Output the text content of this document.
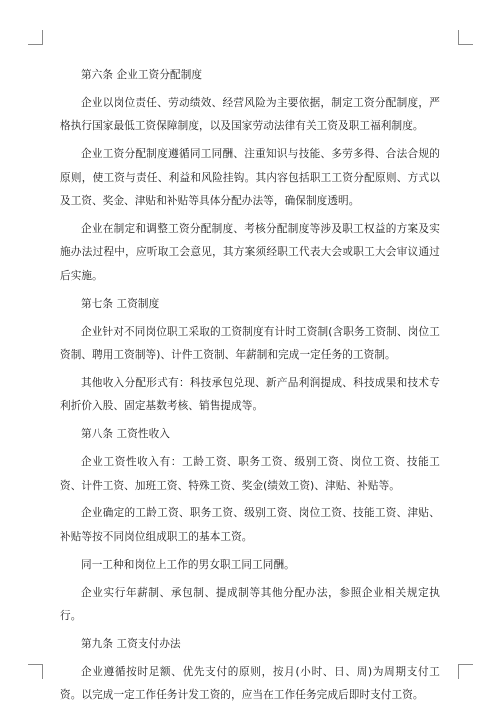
第六条 企业工资分配制度

企业以岗位责任、劳动绩效、经营风险为主要依据，制定工资分配制度，严格执行国家最低工资保障制度，以及国家劳动法律有关工资及职工福利制度。

企业工资分配制度遵循同工同酬、注重知识与技能、多劳多得、合法合规的原则，使工资与责任、利益和风险挂钩。其内容包括职工工资分配原则、方式以及工资、奖金、津贴和补贴等具体分配办法等，确保制度透明。

企业在制定和调整工资分配制度、考核分配制度等涉及职工权益的方案及实施办法过程中，应听取工会意见，其方案须经职工代表大会或职工大会审议通过后实施。

第七条 工资制度

企业针对不同岗位职工采取的工资制度有计时工资制(含职务工资制、岗位工资制、聘用工资制等)、计件工资制、年薪制和完成一定任务的工资制。

其他收入分配形式有：科技承包兑现、新产品利润提成、科技成果和技术专利折价入股、固定基数考核、销售提成等。

第八条 工资性收入

企业工资性收入有：工龄工资、职务工资、级别工资、岗位工资、技能工资、计件工资、加班工资、特殊工资、奖金(绩效工资)、津贴、补贴等。

企业确定的工龄工资、职务工资、级别工资、岗位工资、技能工资、津贴、补贴等按不同岗位组成职工的基本工资。

同一工种和岗位上工作的男女职工同工同酬。

企业实行年薪制、承包制、提成制等其他分配办法，参照企业相关规定执行。

第九条 工资支付办法

企业遵循按时足额、优先支付的原则，按月(小时、日、周)为周期支付工资。以完成一定工作任务计发工资的，应当在工作任务完成后即时支付工资。
